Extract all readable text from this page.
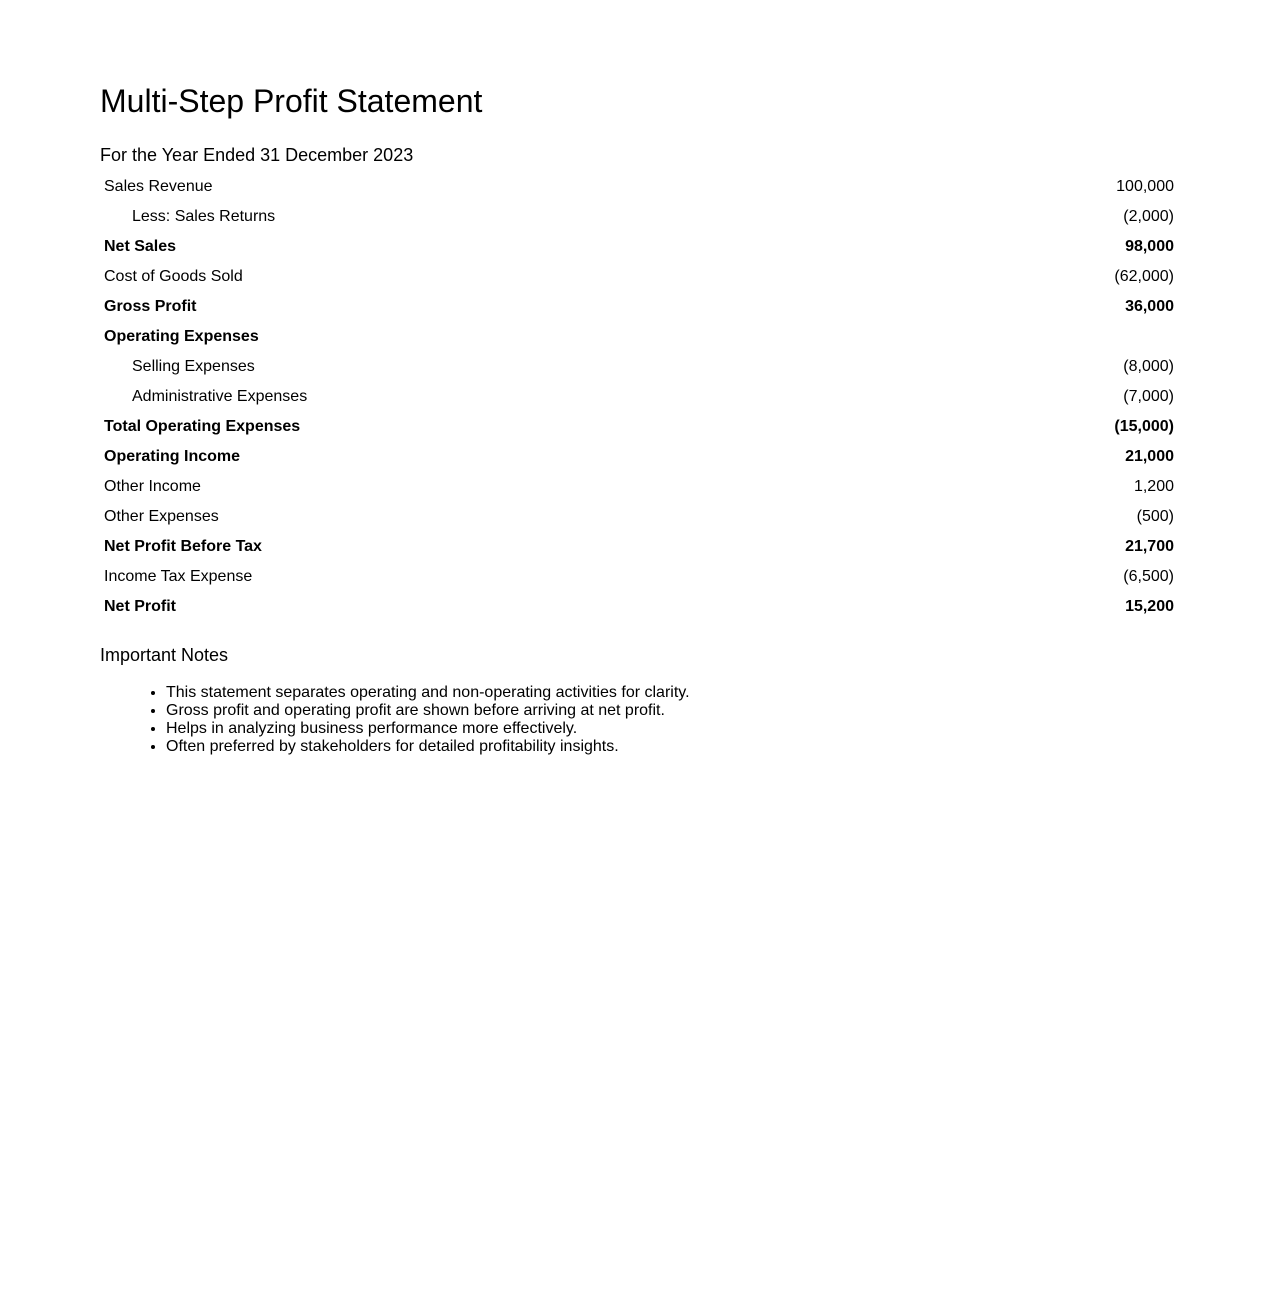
Multi-Step Profit Statement
For the Year Ended 31 December 2023
Sales Revenue	100,000
Less: Sales Returns	(2,000)
Net Sales	98,000
Cost of Goods Sold	(62,000)
Gross Profit	36,000
Operating Expenses	
Selling Expenses	(8,000)
Administrative Expenses	(7,000)
Total Operating Expenses	(15,000)
Operating Income	21,000
Other Income	1,200
Other Expenses	(500)
Net Profit Before Tax	21,700
Income Tax Expense	(6,500)
Net Profit	15,200
Important Notes
• This statement separates operating and non-operating activities for clarity.
• Gross profit and operating profit are shown before arriving at net profit.
• Helps in analyzing business performance more effectively.
• Often preferred by stakeholders for detailed profitability insights.
